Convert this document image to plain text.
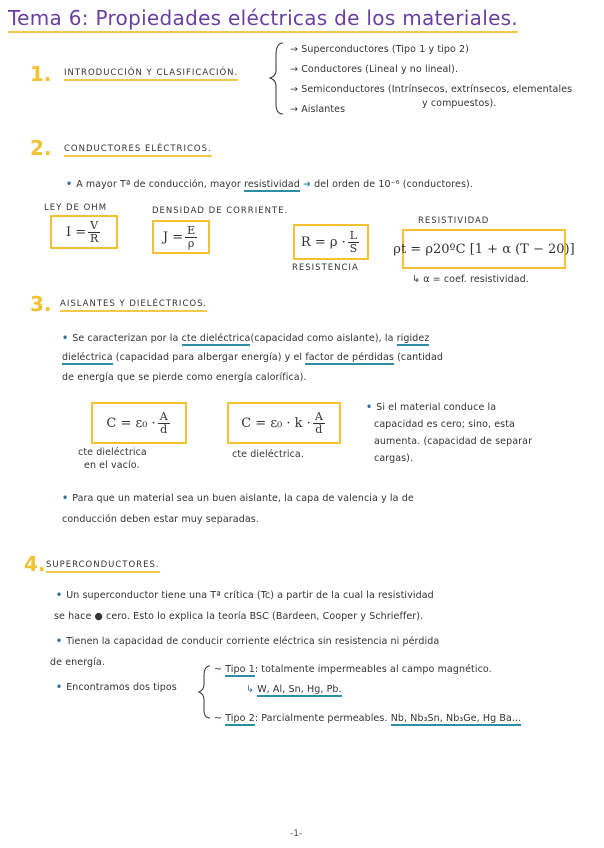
Tema 6: Propiedades eléctricas de los materiales.
1. INTRODUCCIÓN Y CLASIFICACIÓN.
→ Superconductores (Tipo 1 y tipo 2)
→ Conductores (Lineal y no lineal).
→ Semiconductores (Intrínsecos, extrínsecos, elementales
→ Aislantes
y compuestos).
2. CONDUCTORES ELÉCTRICOS.
• A mayor Tª de conducción, mayor resistividad ➜ del orden de 10⁻⁶ (conductores).
LEY DE OHM
$I = \frac{V}{R}$
DENSIDAD DE CORRIENTE.
$J = \frac{E}{\rho}$	$R = \rho \cdot \frac{L}{S}$
RESISTENCIA
RESISTIVIDAD
ρt = ρ20ºC [1 + α (T − 20)]
↳ α = coef. resistividad.
3. AISLANTES Y DIELÉCTRICOS.
• Se caracterizan por la cte dieléctrica(capacidad como aislante), la rigidez
dieléctrica (capacidad para albergar energía) y el factor de pérdidas (cantidad
de energía que se pierde como energía calorífica).
$C = \varepsilon_0 \cdot \frac{A}{d}$
cte dieléctrica
en el vacío.
$C = \varepsilon_0 \cdot k \cdot \frac{A}{d}$
cte dieléctrica.
• Si el material conduce la
capacidad es cero; sino, esta
aumenta. (capacidad de separar
cargas).
• Para que un material sea un buen aislante, la capa de valencia y la de
conducción deben estar muy separadas.
4. SUPERCONDUCTORES.
• Un superconductor tiene una Tª crítica (Tc) a partir de la cual la resistividad
se hace ● cero. Esto lo explica la teoría BSC (Bardeen, Cooper y Schrieffer).
• Tienen la capacidad de conducir corriente eléctrica sin resistencia ni pérdida
de energía.
• Encontramos dos tipos
~ Tipo 1: totalmente impermeables al campo magnético.
↳ W, Al, Sn, Hg, Pb.
~ Tipo 2: Parcialmente permeables. Nb, Nb₃Sn, Nb₃Ge, Hg Ba...
-1-
